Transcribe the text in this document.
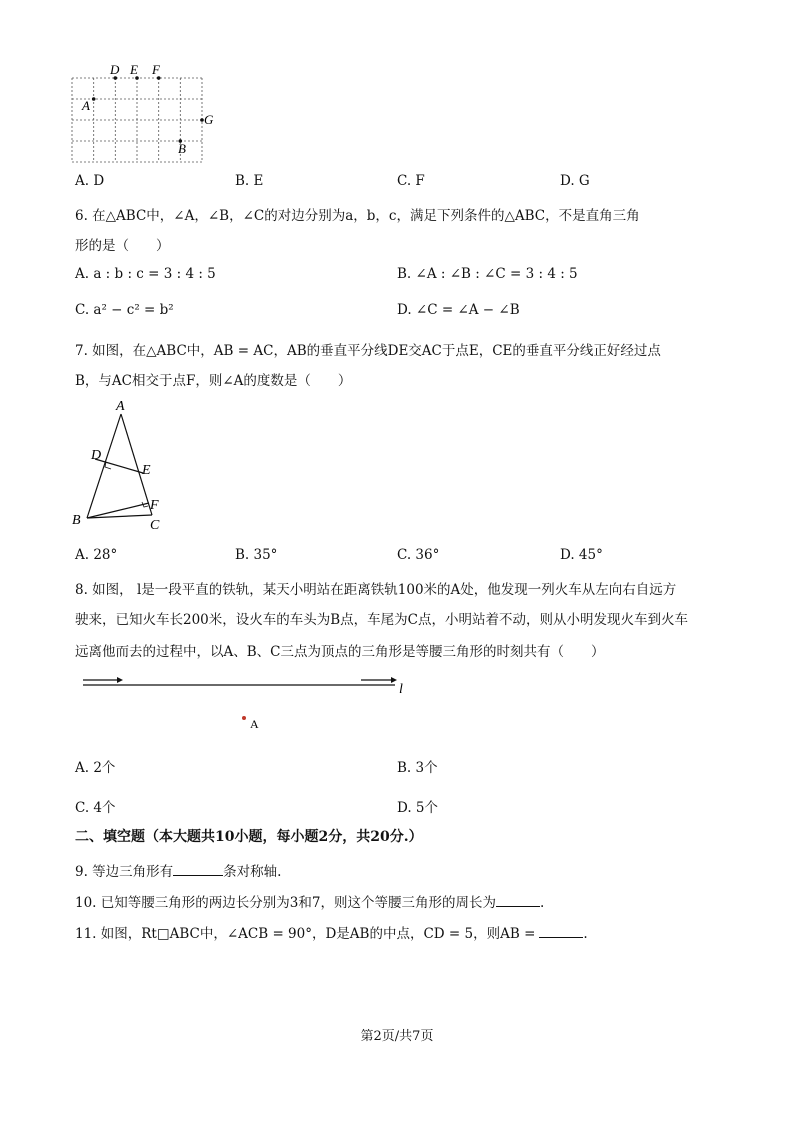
D E F
A
G
B
A. D	B. E	C. F	D. G
6. 在△ABC中，∠A，∠B，∠C的对边分别为a，b，c，满足下列条件的△ABC，不是直角三角
形的是（　　）
A. a : b : c = 3 : 4 : 5	B. ∠A : ∠B : ∠C = 3 : 4 : 5
C. a² − c² = b²	D. ∠C = ∠A − ∠B
7. 如图，在△ABC中，AB = AC，AB的垂直平分线DE交AC于点E，CE的垂直平分线正好经过点
B，与AC相交于点F，则∠A的度数是（　　）
A
D
E
F
B	C
A. 28°	B. 35°	C. 36°	D. 45°
8. 如图， l是一段平直的铁轨，某天小明站在距离铁轨100米的A处，他发现一列火车从左向右自远方
驶来，已知火车长200米，设火车的车头为B点，车尾为C点，小明站着不动，则从小明发现火车到火车
远离他而去的过程中，以A、B、C三点为顶点的三角形是等腰三角形的时刻共有（　　）
l
A
A. 2个	B. 3个
C. 4个	D. 5个
二、填空题（本大题共10小题，每小题2分，共20分.）
9. 等边三角形有	条对称轴.
10. 已知等腰三角形的两边长分别为3和7，则这个等腰三角形的周长为	.
11. 如图，Rt□ABC中，∠ACB = 90°，D是AB的中点，CD = 5，则AB =	.
第2页/共7页
